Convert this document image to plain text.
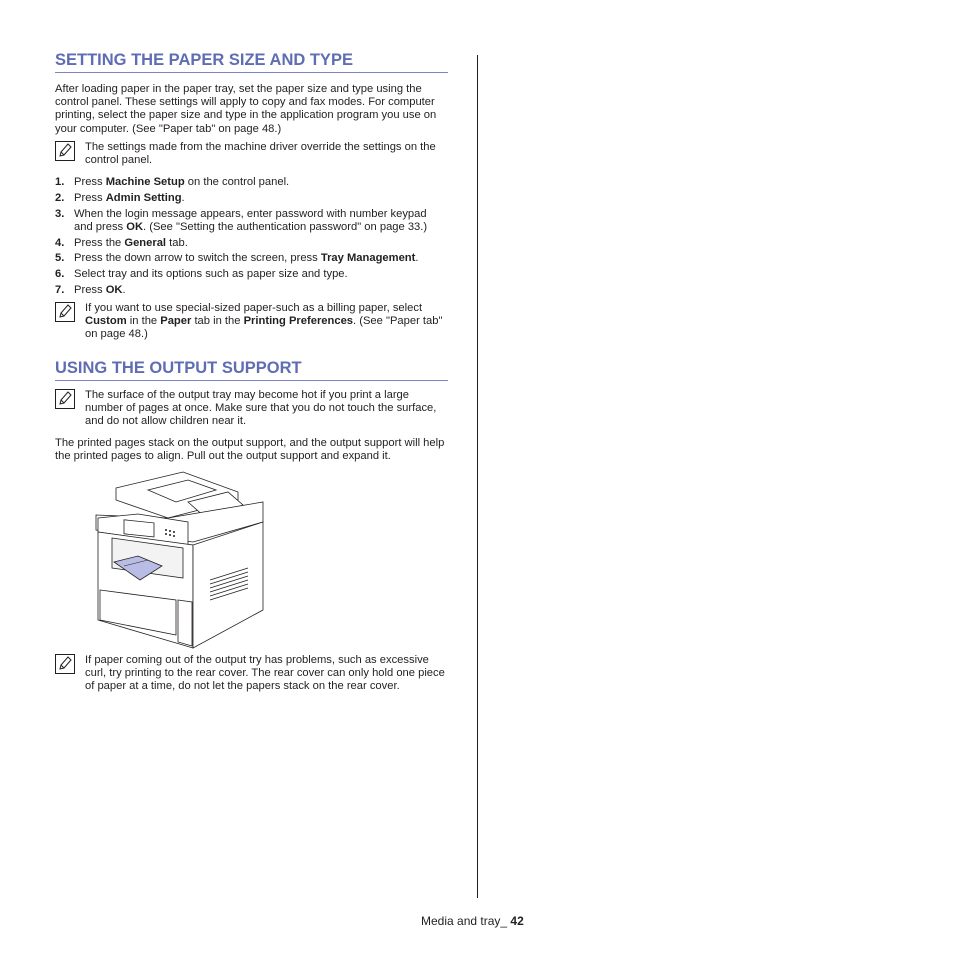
SETTING THE PAPER SIZE AND TYPE

After loading paper in the paper tray, set the paper size and type using the control panel. These settings will apply to copy and fax modes. For computer printing, select the paper size and type in the application program you use on your computer. (See "Paper tab" on page 48.)

The settings made from the machine driver override the settings on the control panel.

1. Press Machine Setup on the control panel.
2. Press Admin Setting.
3. When the login message appears, enter password with number keypad and press OK. (See "Setting the authentication password" on page 33.)
4. Press the General tab.
5. Press the down arrow to switch the screen, press Tray Management.
6. Select tray and its options such as paper size and type.
7. Press OK.

If you want to use special-sized paper-such as a billing paper, select Custom in the Paper tab in the Printing Preferences. (See "Paper tab" on page 48.)

USING THE OUTPUT SUPPORT

The surface of the output tray may become hot if you print a large number of pages at once. Make sure that you do not touch the surface, and do not allow children near it.

The printed pages stack on the output support, and the output support will help the printed pages to align. Pull out the output support and expand it.

If paper coming out of the output try has problems, such as excessive curl, try printing to the rear cover. The rear cover can only hold one piece of paper at a time, do not let the papers stack on the rear cover.

Media and tray_ 42
